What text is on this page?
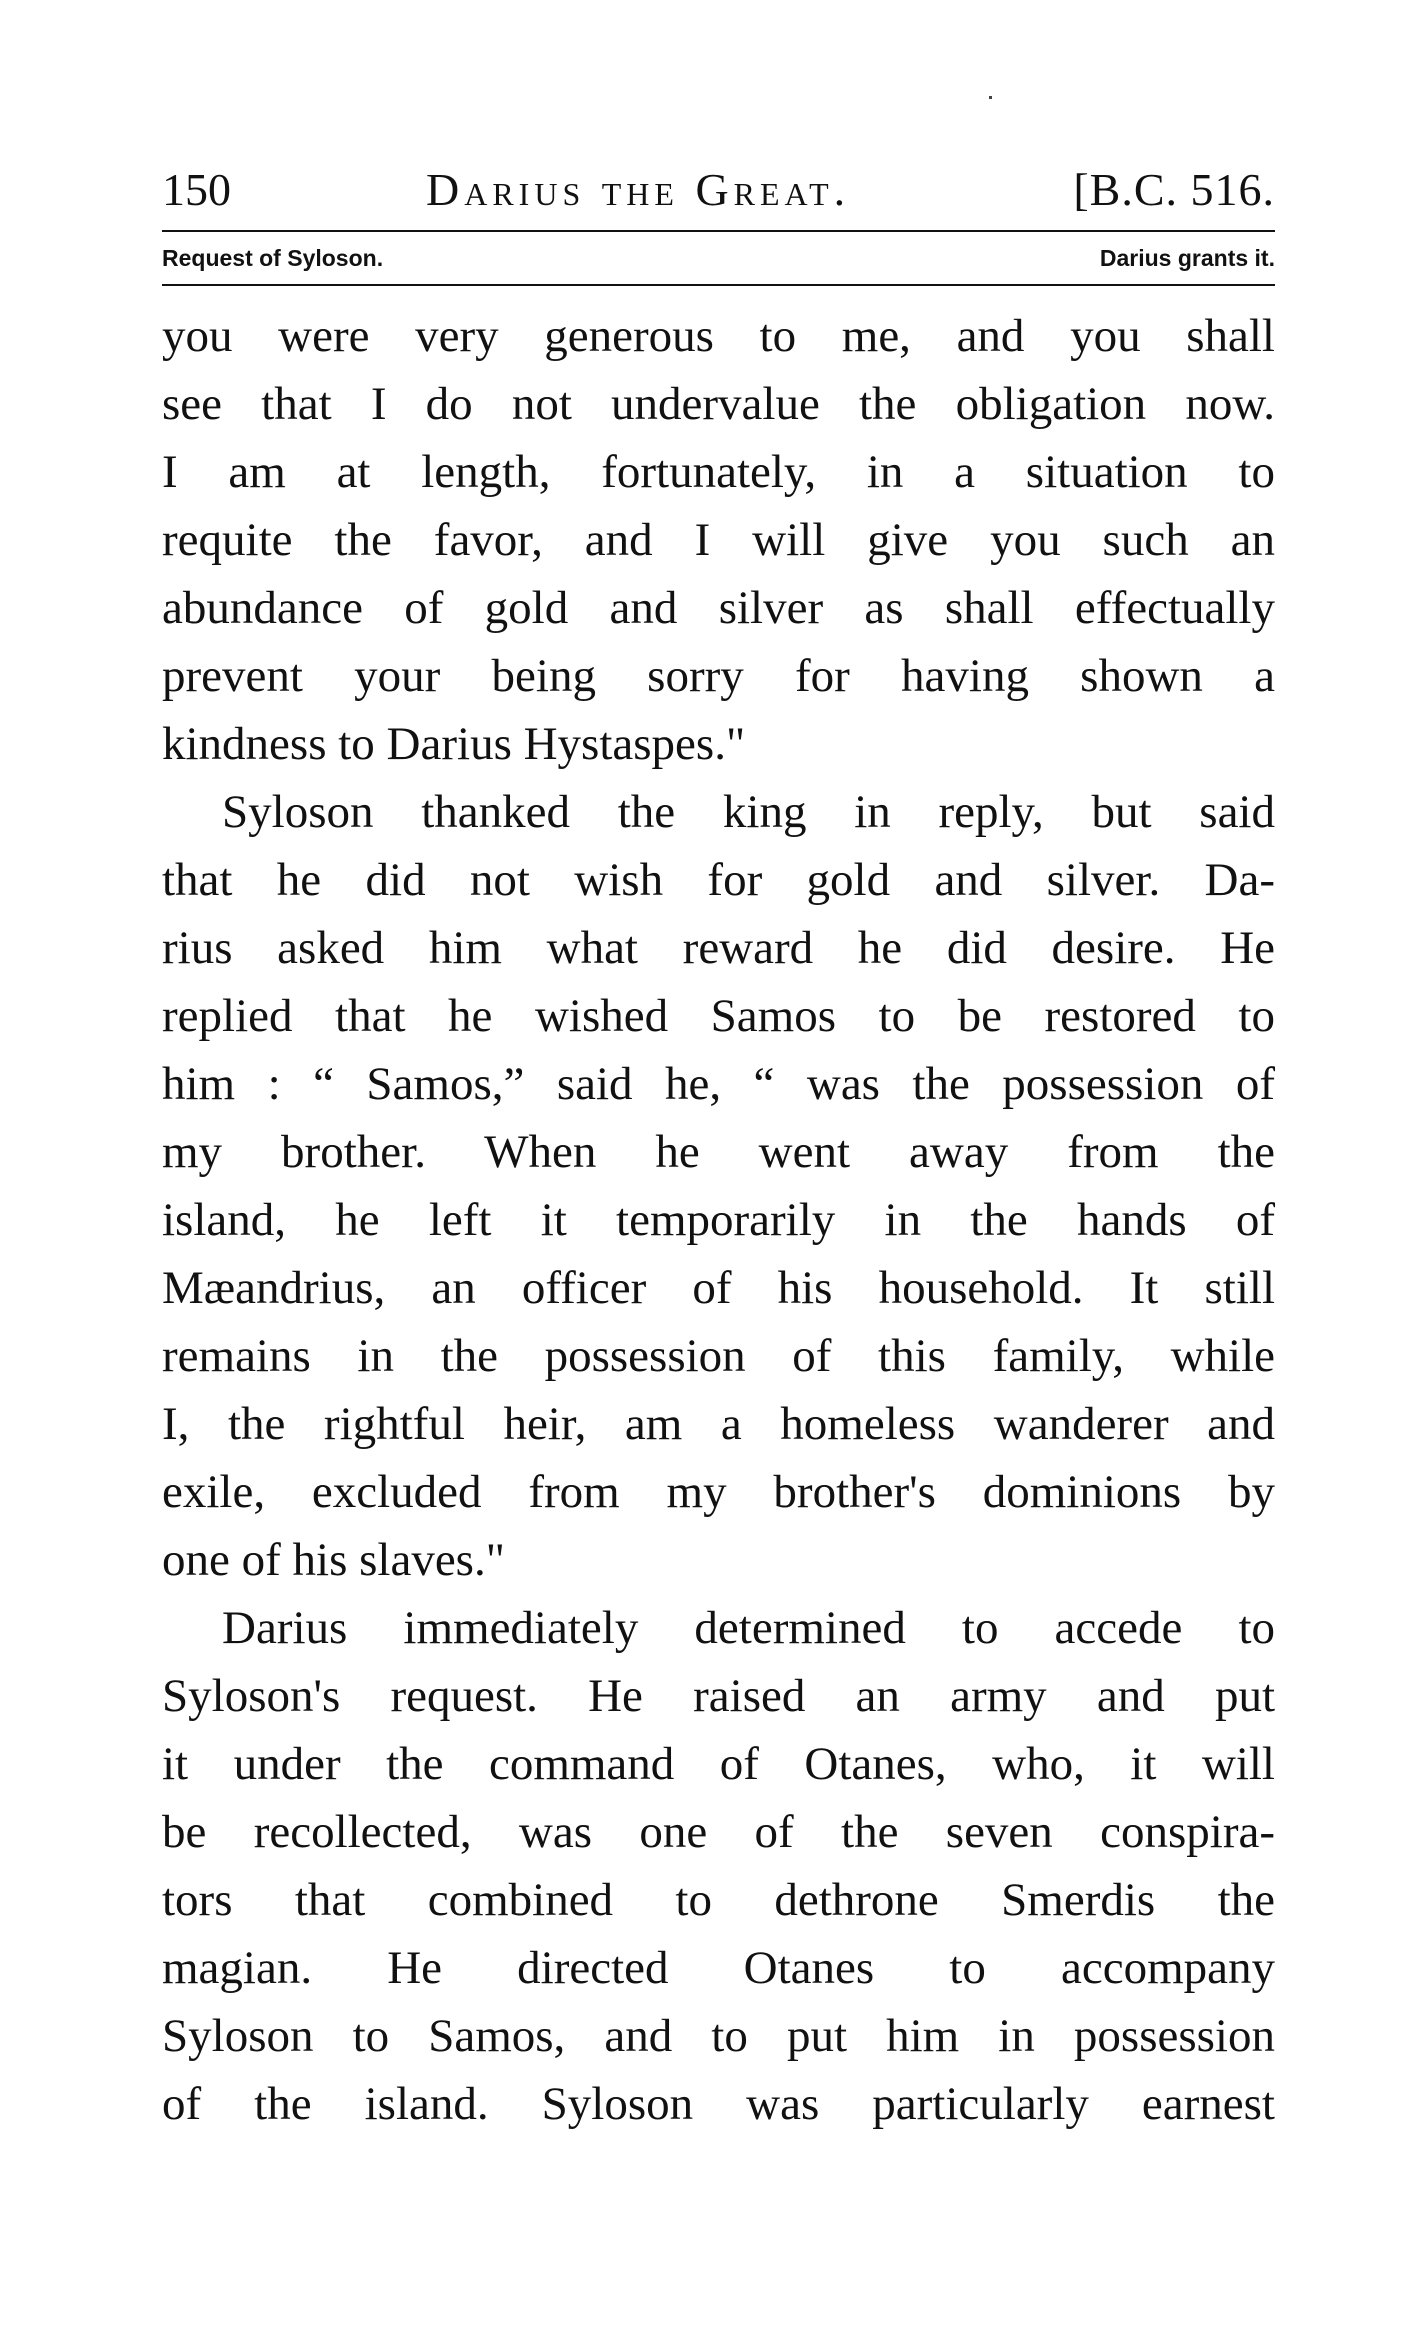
150	Darius the Great.	[B.C. 516.
Request of Syloson.	Darius grants it.
you were very generous to me, and you shall
see that I do not undervalue the obligation now.
I am at length, fortunately, in a situation to
requite the favor, and I will give you such an
abundance of gold and silver as shall effectually
prevent your being sorry for having shown a
kindness to Darius Hystaspes."
Syloson thanked the king in reply, but said
that he did not wish for gold and silver. Da-
rius asked him what reward he did desire. He
replied that he wished Samos to be restored to
him : “ Samos,” said he, “ was the possession of
my brother. When he went away from the
island, he left it temporarily in the hands of
Mæandrius, an officer of his household. It still
remains in the possession of this family, while
I, the rightful heir, am a homeless wanderer and
exile, excluded from my brother's dominions by
one of his slaves."
Darius immediately determined to accede to
Syloson's request. He raised an army and put
it under the command of Otanes, who, it will
be recollected, was one of the seven conspira-
tors that combined to dethrone Smerdis the
magian. He directed Otanes to accompany
Syloson to Samos, and to put him in possession
of the island. Syloson was particularly earnest
